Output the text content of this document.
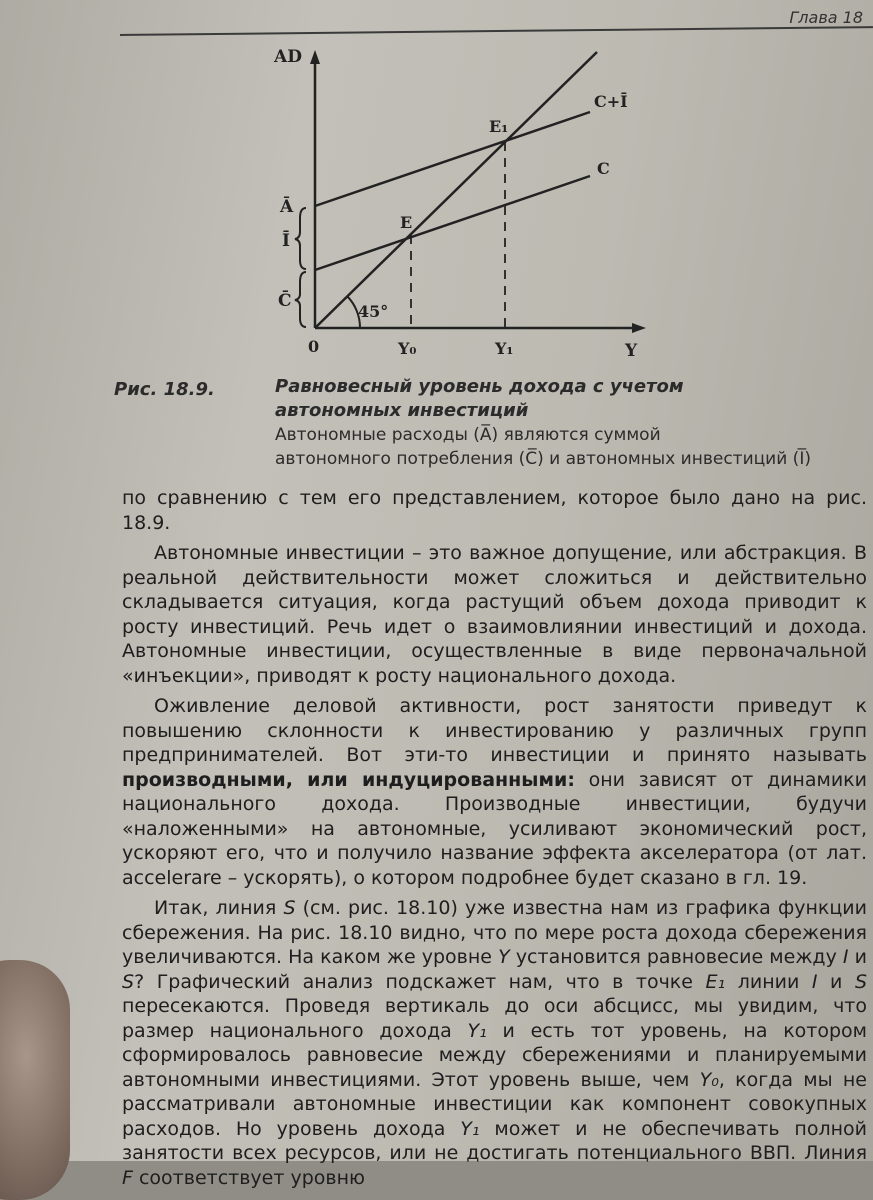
Глава 18
AD
Y
0
C+Ī
C
E₁
E
Ā
Ī
C̄
45°
Y₀	Y₁
Рис. 18.9.	Равновесный уровень дохода с учетом автономных инвестиций
Автономные расходы (A̅) являются суммой
автономного потребления (C̅) и автономных инвестиций (I̅)

по сравнению с тем его представлением, которое было дано на рис. 18.9.

Автономные инвестиции – это важное допущение, или абстракция. В реальной действительности может сложиться и действительно складывается ситуация, когда растущий объем дохода приводит к росту инвестиций. Речь идет о взаимовлиянии инвестиций и дохода. Автономные инвестиции, осуществленные в виде первоначальной «инъекции», приводят к росту национального дохода.

Оживление деловой активности, рост занятости приведут к повышению склонности к инвестированию у различных групп предпринимателей. Вот эти-то инвестиции и принято называть производными, или индуцированными: они зависят от динамики национального дохода. Производные инвестиции, будучи «наложенными» на автономные, усиливают экономический рост, ускоряют его, что и получило название эффекта акселератора (от лат. accelerare – ускорять), о котором подробнее будет сказано в гл. 19.

Итак, линия S (см. рис. 18.10) уже известна нам из графика функции сбережения. На рис. 18.10 видно, что по мере роста дохода сбережения увеличиваются. На каком же уровне Y установится равновесие между I и S? Графический анализ подскажет нам, что в точке E₁ линии I и S пересекаются. Проведя вертикаль до оси абсцисс, мы увидим, что размер национального дохода Y₁ и есть тот уровень, на котором сформировалось равновесие между сбережениями и планируемыми автономными инвестициями. Этот уровень выше, чем Y₀, когда мы не рассматривали автономные инвестиции как компонент совокупных расходов. Но уровень дохода Y₁ может и не обеспечивать полной занятости всех ресурсов, или не достигать потенциального ВВП. Линия F соответствует уровню
